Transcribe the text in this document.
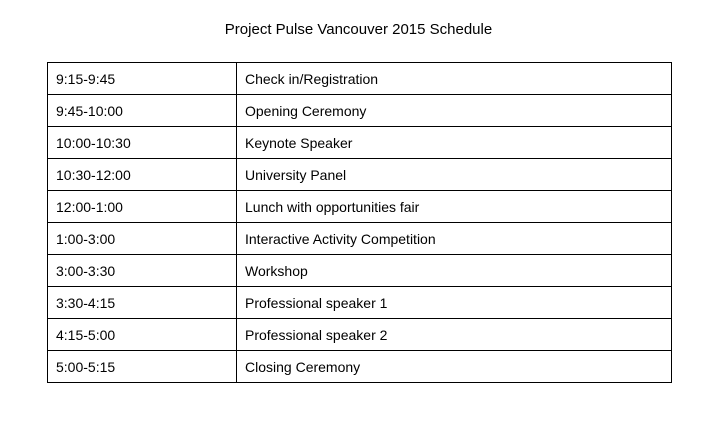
Project Pulse Vancouver 2015 Schedule
9:15-9:45	Check in/Registration
9:45-10:00	Opening Ceremony
10:00-10:30	Keynote Speaker
10:30-12:00	University Panel
12:00-1:00	Lunch with opportunities fair
1:00-3:00	Interactive Activity Competition
3:00-3:30	Workshop
3:30-4:15	Professional speaker 1
4:15-5:00	Professional speaker 2
5:00-5:15	Closing Ceremony
